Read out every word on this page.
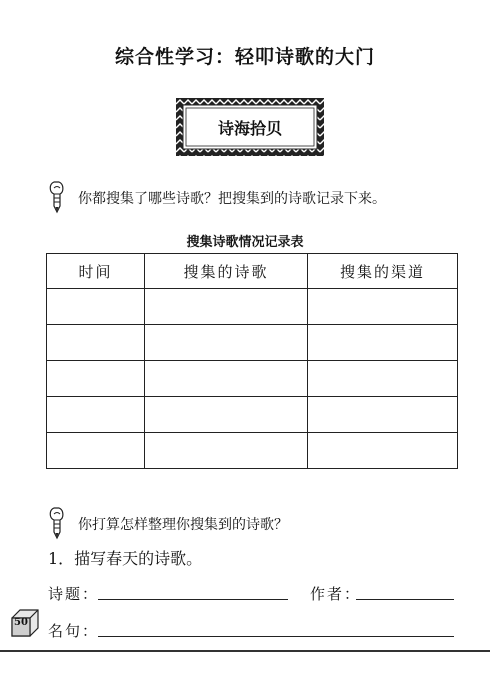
综合性学习：轻叩诗歌的大门
诗海拾贝
你都搜集了哪些诗歌？把搜集到的诗歌记录下来。
搜集诗歌情况记录表
时间	搜集的诗歌	搜集的渠道

你打算怎样整理你搜集到的诗歌？
1．描写春天的诗歌。
诗题：	作者：
50 名句：
